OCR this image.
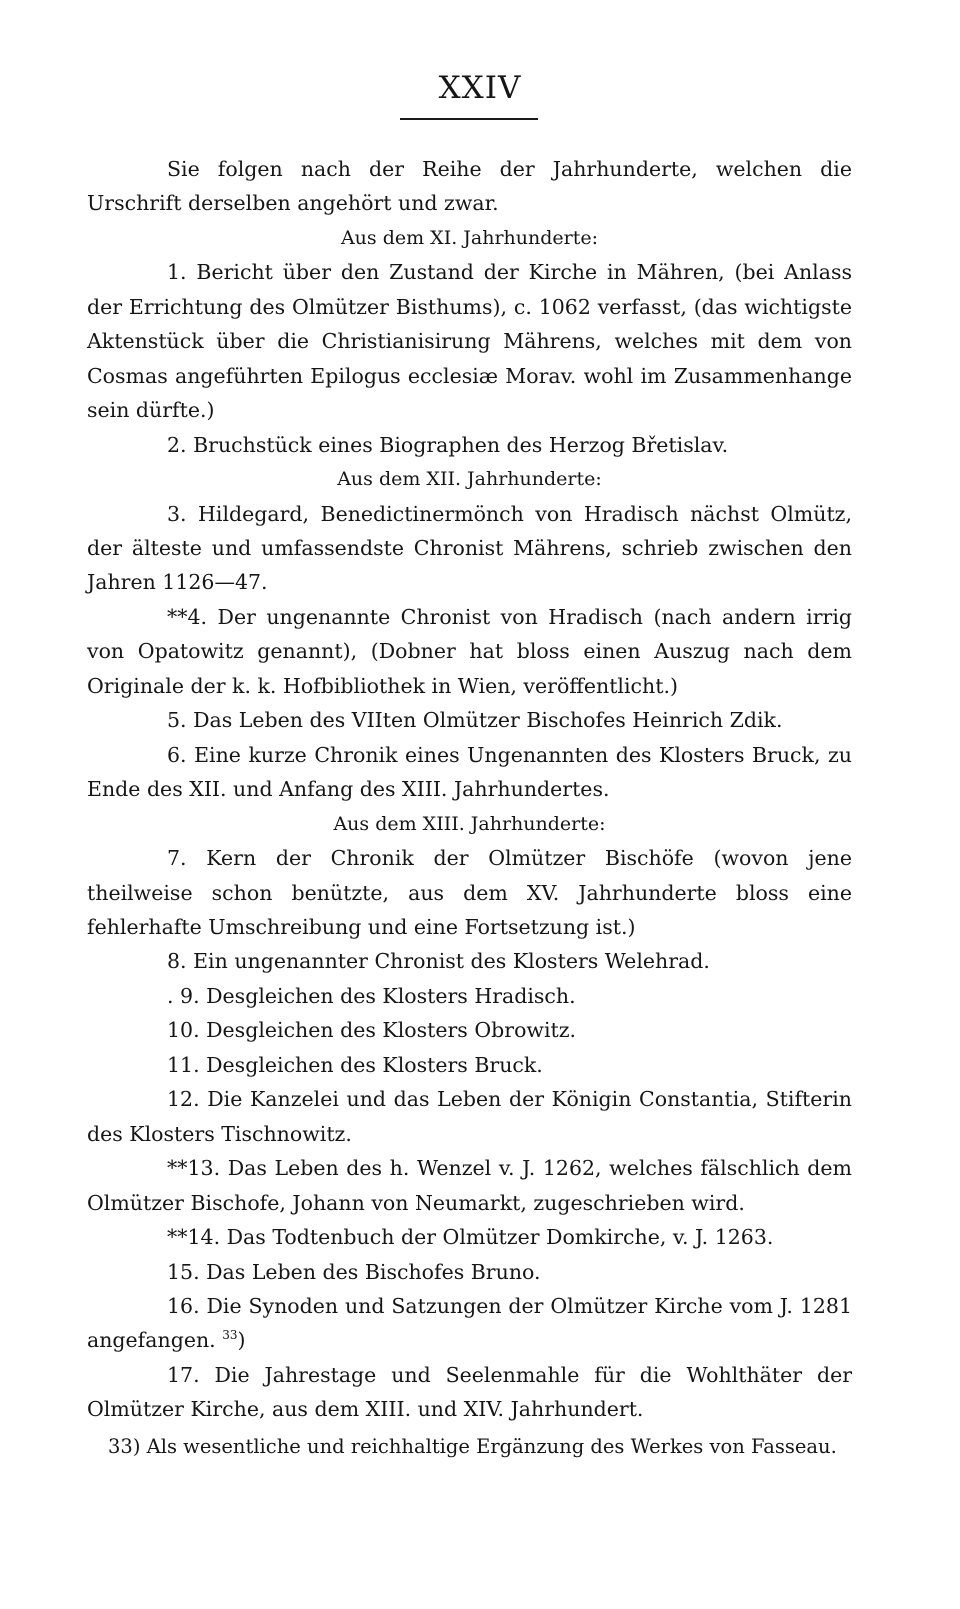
XXIV

Sie folgen nach der Reihe der Jahrhunderte, welchen die Urschrift derselben angehört und zwar.

Aus dem XI. Jahrhunderte:

1. Bericht über den Zustand der Kirche in Mähren, (bei Anlass der Errichtung des Olmützer Bisthums), c. 1062 verfasst, (das wichtigste Aktenstück über die Christianisirung Mährens, welches mit dem von Cosmas angeführten Epilogus ecclesiæ Morav. wohl im Zusammenhange sein dürfte.)

2. Bruchstück eines Biographen des Herzog Břetislav.

Aus dem XII. Jahrhunderte:

3. Hildegard, Benedictinermönch von Hradisch nächst Olmütz, der älteste und umfassendste Chronist Mährens, schrieb zwischen den Jahren 1126—47.

**4. Der ungenannte Chronist von Hradisch (nach andern irrig von Opatowitz genannt), (Dobner hat bloss einen Auszug nach dem Originale der k. k. Hofbibliothek in Wien, veröffentlicht.)

5. Das Leben des VIIten Olmützer Bischofes Heinrich Zdik.

6. Eine kurze Chronik eines Ungenannten des Klosters Bruck, zu Ende des XII. und Anfang des XIII. Jahrhundertes.

Aus dem XIII. Jahrhunderte:

7. Kern der Chronik der Olmützer Bischöfe (wovon jene theilweise schon benützte, aus dem XV. Jahrhunderte bloss eine fehlerhafte Umschreibung und eine Fortsetzung ist.)

8. Ein ungenannter Chronist des Klosters Welehrad.

. 9. Desgleichen des Klosters Hradisch.

10. Desgleichen des Klosters Obrowitz.

11. Desgleichen des Klosters Bruck.

12. Die Kanzelei und das Leben der Königin Constantia, Stifterin des Klosters Tischnowitz.

**13. Das Leben des h. Wenzel v. J. 1262, welches fälschlich dem Olmützer Bischofe, Johann von Neumarkt, zugeschrieben wird.

**14. Das Todtenbuch der Olmützer Domkirche, v. J. 1263.

15. Das Leben des Bischofes Bruno.

16. Die Synoden und Satzungen der Olmützer Kirche vom J. 1281 angefangen. $^{33}$)

17. Die Jahrestage und Seelenmahle für die Wohlthäter der Olmützer Kirche, aus dem XIII. und XIV. Jahrhundert.

33) Als wesentliche und reichhaltige Ergänzung des Werkes von Fasseau.
